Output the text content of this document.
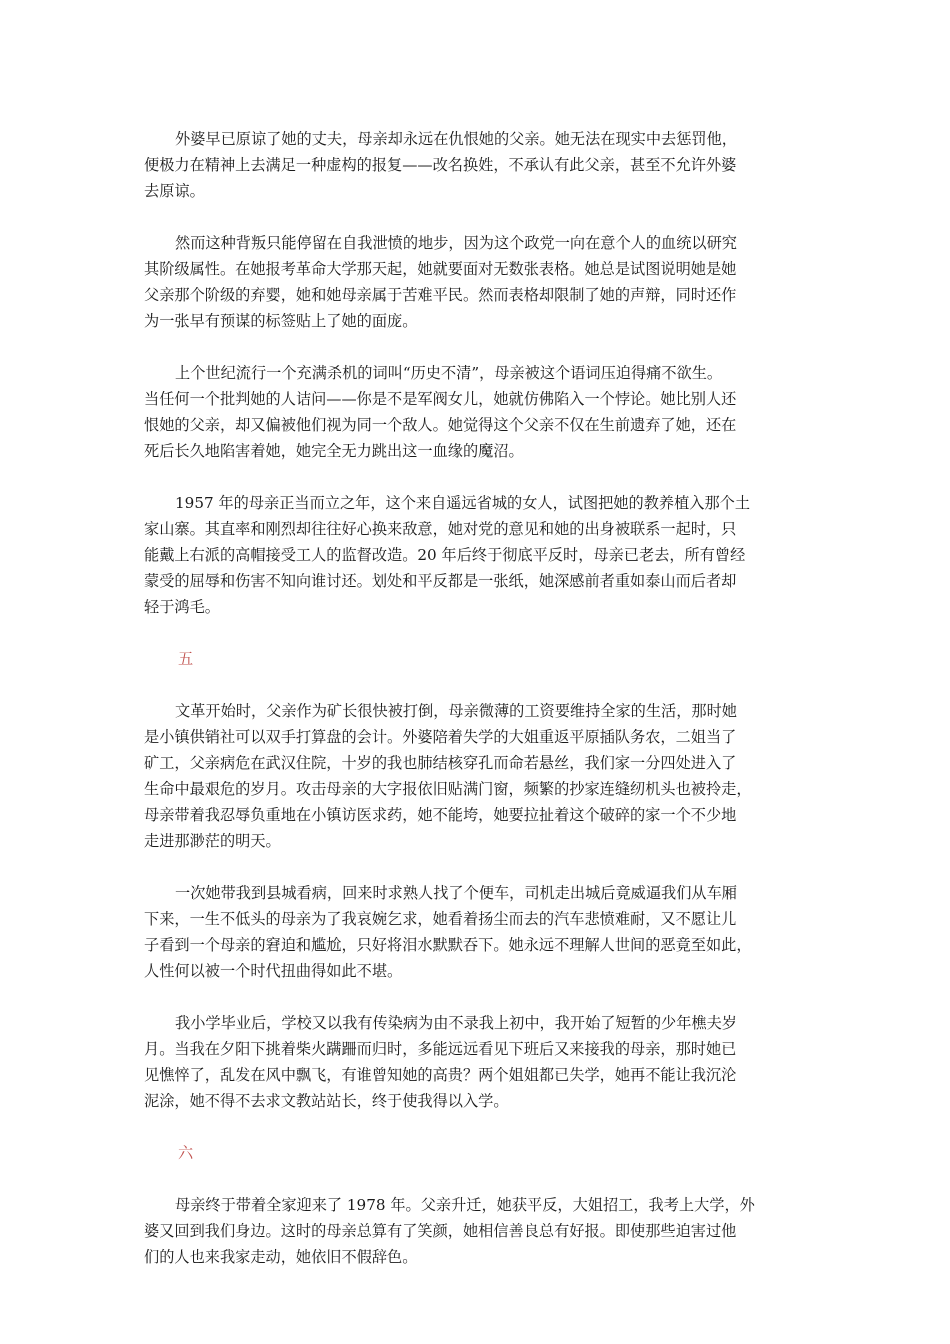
外婆早已原谅了她的丈夫，母亲却永远在仇恨她的父亲。她无法在现实中去惩罚他，
便极力在精神上去满足一种虚构的报复——改名换姓，不承认有此父亲，甚至不允许外婆
去原谅。

然而这种背叛只能停留在自我泄愤的地步，因为这个政党一向在意个人的血统以研究
其阶级属性。在她报考革命大学那天起，她就要面对无数张表格。她总是试图说明她是她
父亲那个阶级的弃婴，她和她母亲属于苦难平民。然而表格却限制了她的声辩，同时还作
为一张早有预谋的标签贴上了她的面庞。

上个世纪流行一个充满杀机的词叫“历史不清”，母亲被这个语词压迫得痛不欲生。
当任何一个批判她的人诘问——你是不是军阀女儿，她就仿佛陷入一个悖论。她比别人还
恨她的父亲，却又偏被他们视为同一个敌人。她觉得这个父亲不仅在生前遗弃了她，还在
死后长久地陷害着她，她完全无力跳出这一血缘的魔沼。

1957 年的母亲正当而立之年，这个来自遥远省城的女人，试图把她的教养植入那个土
家山寨。其直率和刚烈却往往好心换来敌意，她对党的意见和她的出身被联系一起时，只
能戴上右派的高帽接受工人的监督改造。20 年后终于彻底平反时，母亲已老去，所有曾经
蒙受的屈辱和伤害不知向谁讨还。划处和平反都是一张纸，她深感前者重如泰山而后者却
轻于鸿毛。

五

文革开始时，父亲作为矿长很快被打倒，母亲微薄的工资要维持全家的生活，那时她
是小镇供销社可以双手打算盘的会计。外婆陪着失学的大姐重返平原插队务农，二姐当了
矿工，父亲病危在武汉住院，十岁的我也肺结核穿孔而命若悬丝，我们家一分四处进入了
生命中最艰危的岁月。攻击母亲的大字报依旧贴满门窗，频繁的抄家连缝纫机头也被拎走，
母亲带着我忍辱负重地在小镇访医求药，她不能垮，她要拉扯着这个破碎的家一个不少地
走进那渺茫的明天。

一次她带我到县城看病，回来时求熟人找了个便车，司机走出城后竟威逼我们从车厢
下来，一生不低头的母亲为了我哀婉乞求，她看着扬尘而去的汽车悲愤难耐，又不愿让儿
子看到一个母亲的窘迫和尴尬，只好将泪水默默吞下。她永远不理解人世间的恶竟至如此，
人性何以被一个时代扭曲得如此不堪。

我小学毕业后，学校又以我有传染病为由不录我上初中，我开始了短暂的少年樵夫岁
月。当我在夕阳下挑着柴火蹒跚而归时，多能远远看见下班后又来接我的母亲，那时她已
见憔悴了，乱发在风中飘飞，有谁曾知她的高贵？两个姐姐都已失学，她再不能让我沉沦
泥涂，她不得不去求文教站站长，终于使我得以入学。

六

母亲终于带着全家迎来了 1978 年。父亲升迁，她获平反，大姐招工，我考上大学，外
婆又回到我们身边。这时的母亲总算有了笑颜，她相信善良总有好报。即使那些迫害过他
们的人也来我家走动，她依旧不假辞色。
